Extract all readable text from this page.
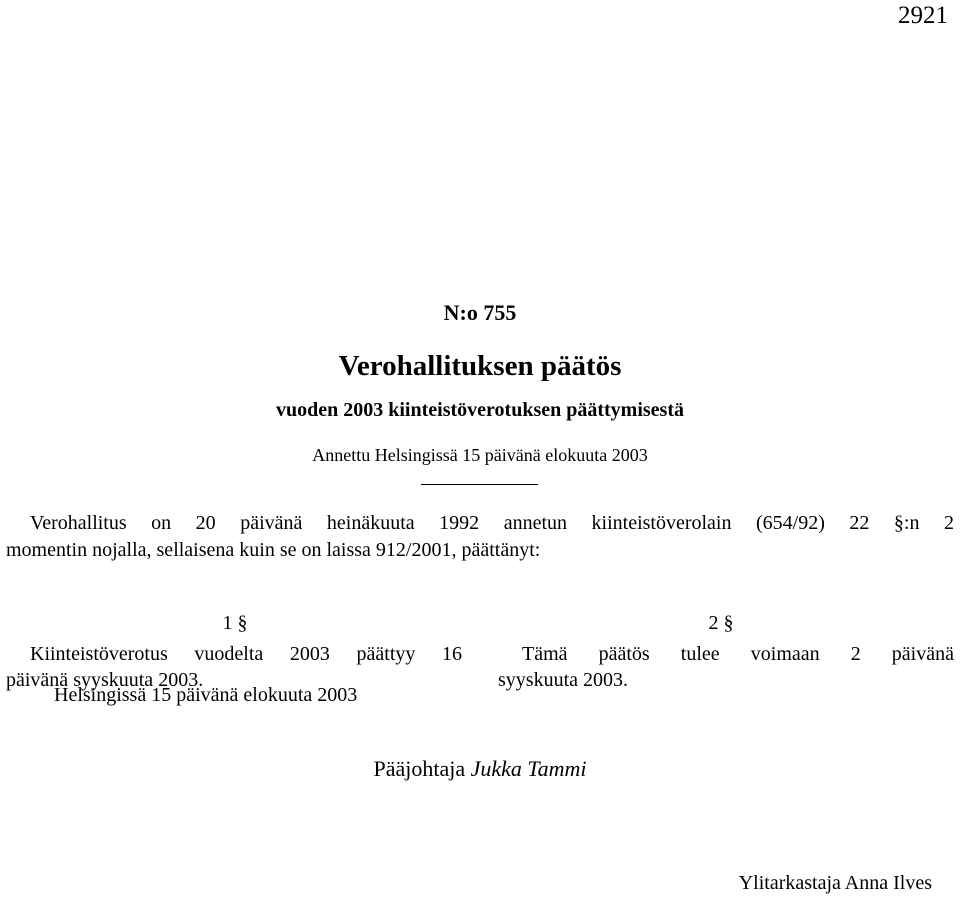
2921
N:o 755
Verohallituksen päätös
vuoden 2003 kiinteistöverotuksen päättymisestä
Annettu Helsingissä 15 päivänä elokuuta 2003
Verohallitus on 20 päivänä heinäkuuta 1992 annetun kiinteistöverolain (654/92) 22 §:n 2
momentin nojalla, sellaisena kuin se on laissa 912/2001, päättänyt:
1 §	2 §
Kiinteistöverotus vuodelta 2003 päättyy 16
päivänä syyskuuta 2003.
Tämä päätös tulee voimaan 2 päivänä
syyskuuta 2003.
Helsingissä 15 päivänä elokuuta 2003
Pääjohtaja Jukka Tammi
Ylitarkastaja Anna Ilves
